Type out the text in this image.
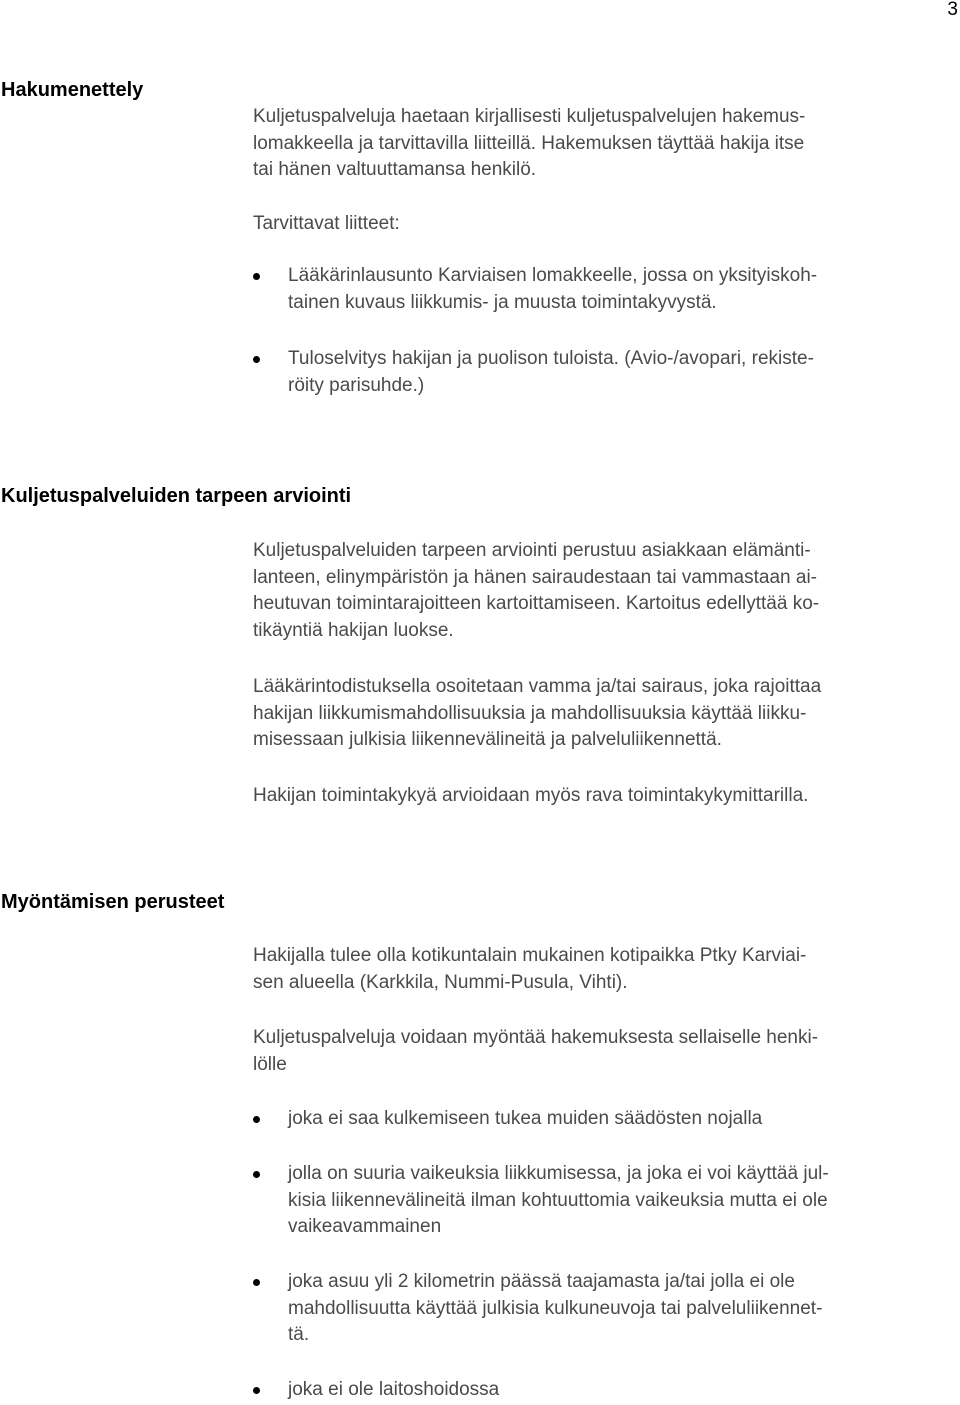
3
Hakumenettely
Kuljetuspalveluja haetaan kirjallisesti kuljetuspalvelujen hakemus-
lomakkeella ja tarvittavilla liitteillä. Hakemuksen täyttää hakija itse
tai hänen valtuuttamansa henkilö.
Tarvittavat liitteet:
Lääkärinlausunto Karviaisen lomakkeelle, jossa on yksityiskoh-
tainen kuvaus liikkumis- ja muusta toimintakyvystä.
Tuloselvitys hakijan ja puolison tuloista. (Avio-/avopari, rekiste-
röity parisuhde.)
Kuljetuspalveluiden tarpeen arviointi
Kuljetuspalveluiden tarpeen arviointi perustuu asiakkaan elämänti-
lanteen, elinympäristön ja hänen sairaudestaan tai vammastaan ai-
heutuvan toimintarajoitteen kartoittamiseen. Kartoitus edellyttää ko-
tikäyntiä hakijan luokse.
Lääkärintodistuksella osoitetaan vamma ja/tai sairaus, joka rajoittaa
hakijan liikkumismahdollisuuksia ja mahdollisuuksia käyttää liikku-
misessaan julkisia liikennevälineitä ja palveluliikennettä.
Hakijan toimintakykyä arvioidaan myös rava toimintakykymittarilla.
Myöntämisen perusteet
Hakijalla tulee olla kotikuntalain mukainen kotipaikka Ptky Karviai-
sen alueella (Karkkila, Nummi-Pusula, Vihti).
Kuljetuspalveluja voidaan myöntää hakemuksesta sellaiselle henki-
lölle
joka ei saa kulkemiseen tukea muiden säädösten nojalla
jolla on suuria vaikeuksia liikkumisessa, ja joka ei voi käyttää jul-
kisia liikennevälineitä ilman kohtuuttomia vaikeuksia mutta ei ole
vaikeavammainen
joka asuu yli 2 kilometrin päässä taajamasta ja/tai jolla ei ole
mahdollisuutta käyttää julkisia kulkuneuvoja tai palveluliikennet-
tä.
joka ei ole laitoshoidossa
